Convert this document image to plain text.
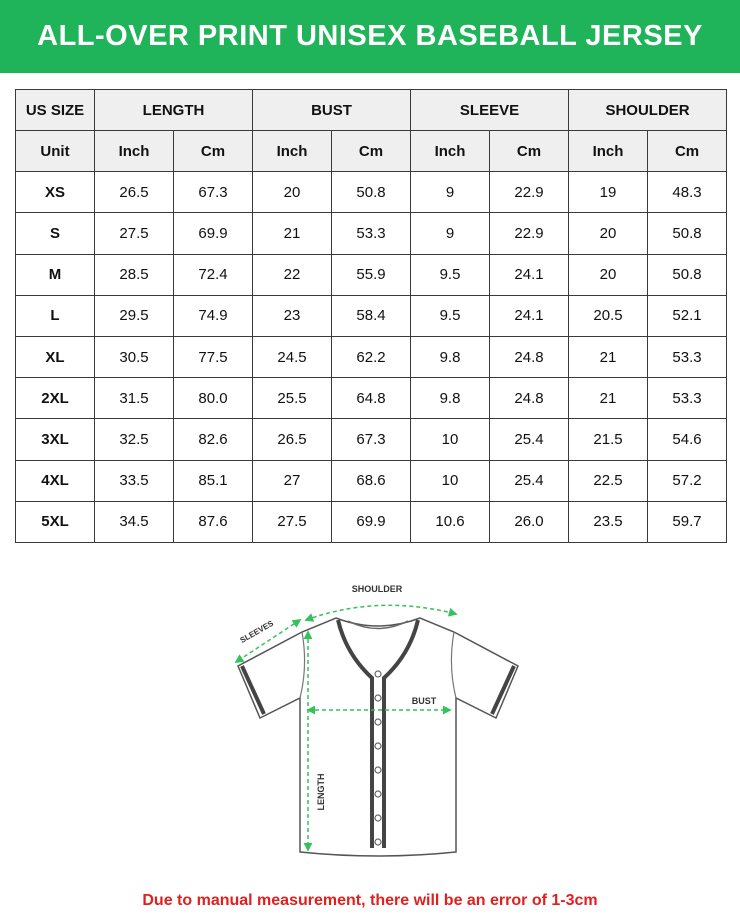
ALL-OVER PRINT UNISEX BASEBALL JERSEY
US SIZE	LENGTH		BUST		SLEEVE		SHOULDER	
Unit	Inch	Cm	Inch	Cm	Inch	Cm	Inch	Cm
XS	26.5	67.3	20	50.8	9	22.9	19	48.3
S	27.5	69.9	21	53.3	9	22.9	20	50.8
M	28.5	72.4	22	55.9	9.5	24.1	20	50.8
L	29.5	74.9	23	58.4	9.5	24.1	20.5	52.1
XL	30.5	77.5	24.5	62.2	9.8	24.8	21	53.3
2XL	31.5	80.0	25.5	64.8	9.8	24.8	21	53.3
3XL	32.5	82.6	26.5	67.3	10	25.4	21.5	54.6
4XL	33.5	85.1	27	68.6	10	25.4	22.5	57.2
5XL	34.5	87.6	27.5	69.9	10.6	26.0	23.5	59.7
SHOULDER
SLEEVES
BUST
LENGTH
Due to manual measurement, there will be an error of 1-3cm
